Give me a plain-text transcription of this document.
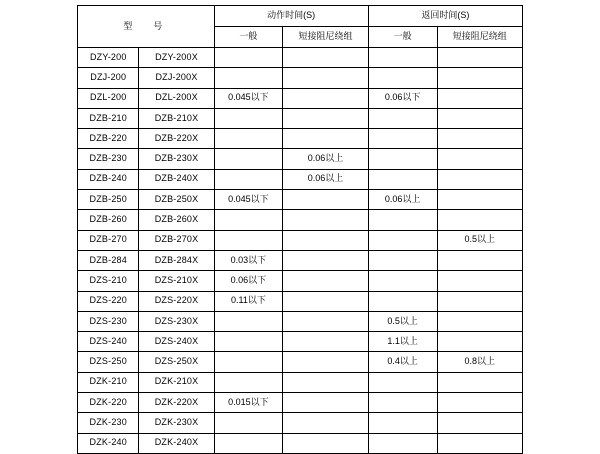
型　号		动作时间(S)		返回时间(S)	
		一般	短接阻尼绕组	一般	短接阻尼绕组
DZY-200	DZY-200X				
DZJ-200	DZJ-200X				
DZL-200	DZL-200X	0.045以下		0.06以下	
DZB-210	DZB-210X				
DZB-220	DZB-220X				
DZB-230	DZB-230X		0.06以上		
DZB-240	DZB-240X		0.06以上		
DZB-250	DZB-250X	0.045以下		0.06以上	
DZB-260	DZB-260X				
DZB-270	DZB-270X				0.5以上
DZB-284	DZB-284X	0.03以下			
DZS-210	DZS-210X	0.06以下			
DZS-220	DZS-220X	0.11以下			
DZS-230	DZS-230X			0.5以上	
DZS-240	DZS-240X			1.1以上	
DZS-250	DZS-250X			0.4以上	0.8以上
DZK-210	DZK-210X				
DZK-220	DZK-220X	0.015以下			
DZK-230	DZK-230X				
DZK-240	DZK-240X				
